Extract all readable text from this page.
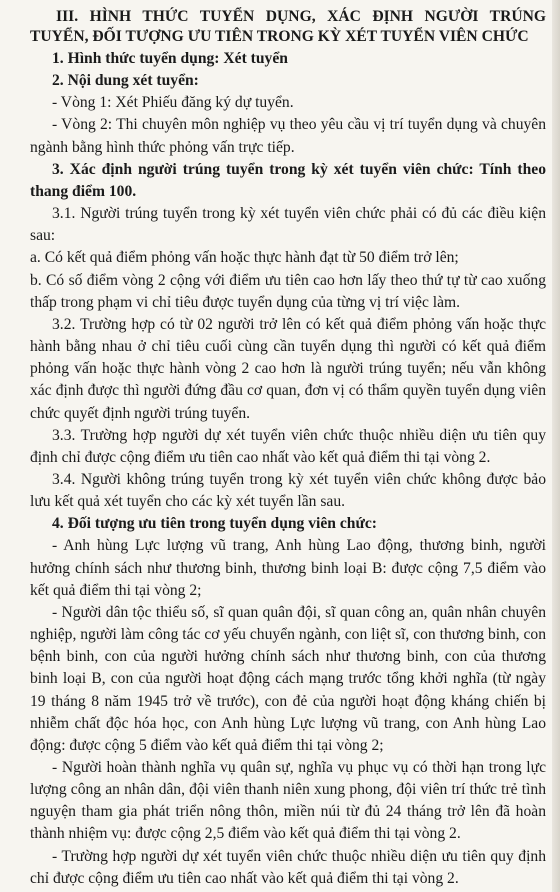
III. HÌNH THỨC TUYỂN DỤNG, XÁC ĐỊNH NGƯỜI TRÚNG TUYỂN, ĐỐI TƯỢNG ƯU TIÊN TRONG KỲ XÉT TUYỂN VIÊN CHỨC

1. Hình thức tuyển dụng: Xét tuyển

2. Nội dung xét tuyển:

- Vòng 1: Xét Phiếu đăng ký dự tuyển.

- Vòng 2: Thi chuyên môn nghiệp vụ theo yêu cầu vị trí tuyển dụng và chuyên ngành bằng hình thức phỏng vấn trực tiếp.

3. Xác định người trúng tuyển trong kỳ xét tuyển viên chức: Tính theo thang điểm 100.

3.1. Người trúng tuyển trong kỳ xét tuyển viên chức phải có đủ các điều kiện sau:

a. Có kết quả điểm phỏng vấn hoặc thực hành đạt từ 50 điểm trở lên;

b. Có số điểm vòng 2 cộng với điểm ưu tiên cao hơn lấy theo thứ tự từ cao xuống thấp trong phạm vi chỉ tiêu được tuyển dụng của từng vị trí việc làm.

3.2. Trường hợp có từ 02 người trở lên có kết quả điểm phỏng vấn hoặc thực hành bằng nhau ở chỉ tiêu cuối cùng cần tuyển dụng thì người có kết quả điểm phỏng vấn hoặc thực hành vòng 2 cao hơn là người trúng tuyển; nếu vẫn không xác định được thì người đứng đầu cơ quan, đơn vị có thẩm quyền tuyển dụng viên chức quyết định người trúng tuyển.

3.3. Trường hợp người dự xét tuyển viên chức thuộc nhiều diện ưu tiên quy định chỉ được cộng điểm ưu tiên cao nhất vào kết quả điểm thi tại vòng 2.

3.4. Người không trúng tuyển trong kỳ xét tuyển viên chức không được bảo lưu kết quả xét tuyển cho các kỳ xét tuyển lần sau.

4. Đối tượng ưu tiên trong tuyển dụng viên chức:

- Anh hùng Lực lượng vũ trang, Anh hùng Lao động, thương binh, người hưởng chính sách như thương binh, thương binh loại B: được cộng 7,5 điểm vào kết quả điểm thi tại vòng 2;

- Người dân tộc thiểu số, sĩ quan quân đội, sĩ quan công an, quân nhân chuyên nghiệp, người làm công tác cơ yếu chuyển ngành, con liệt sĩ, con thương binh, con bệnh binh, con của người hưởng chính sách như thương binh, con của thương binh loại B, con của người hoạt động cách mạng trước tổng khởi nghĩa (từ ngày 19 tháng 8 năm 1945 trở về trước), con đẻ của người hoạt động kháng chiến bị nhiễm chất độc hóa học, con Anh hùng Lực lượng vũ trang, con Anh hùng Lao động: được cộng 5 điểm vào kết quả điểm thi tại vòng 2;

- Người hoàn thành nghĩa vụ quân sự, nghĩa vụ phục vụ có thời hạn trong lực lượng công an nhân dân, đội viên thanh niên xung phong, đội viên trí thức trẻ tình nguyện tham gia phát triển nông thôn, miền núi từ đủ 24 tháng trở lên đã hoàn thành nhiệm vụ: được cộng 2,5 điểm vào kết quả điểm thi tại vòng 2.

- Trường hợp người dự xét tuyển viên chức thuộc nhiều diện ưu tiên quy định chỉ được cộng điểm ưu tiên cao nhất vào kết quả điểm thi tại vòng 2.
